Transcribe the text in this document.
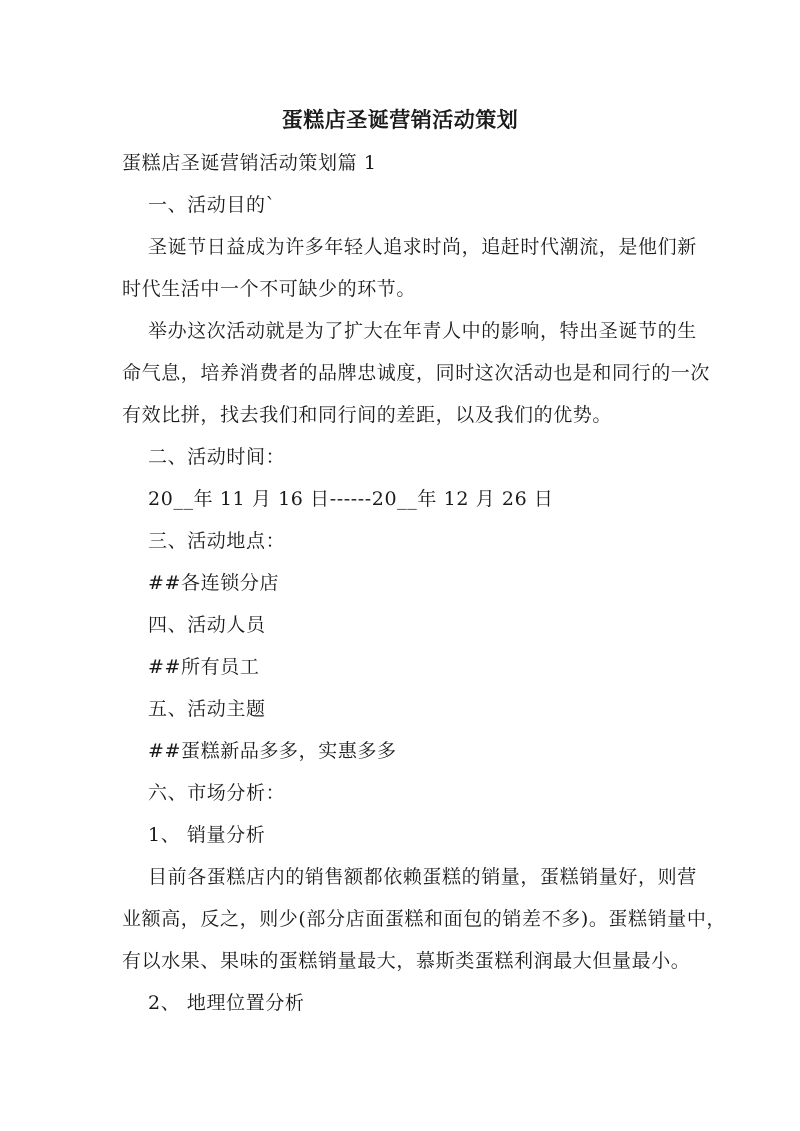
蛋糕店圣诞营销活动策划

蛋糕店圣诞营销活动策划篇 1

一、活动目的`

圣诞节日益成为许多年轻人追求时尚，追赶时代潮流，是他们新

时代生活中一个不可缺少的环节。

举办这次活动就是为了扩大在年青人中的影响，特出圣诞节的生

命气息，培养消费者的品牌忠诚度，同时这次活动也是和同行的一次

有效比拼，找去我们和同行间的差距，以及我们的优势。

二、活动时间：

20__年 11 月 16 日------20__年 12 月 26 日

三、活动地点：

##各连锁分店

四、活动人员

##所有员工

五、活动主题

##蛋糕新品多多，实惠多多

六、市场分析：

1、 销量分析

目前各蛋糕店内的销售额都依赖蛋糕的销量，蛋糕销量好，则营

业额高，反之，则少(部分店面蛋糕和面包的销差不多)。蛋糕销量中，

有以水果、果味的蛋糕销量最大，慕斯类蛋糕利润最大但量最小。

2、 地理位置分析
